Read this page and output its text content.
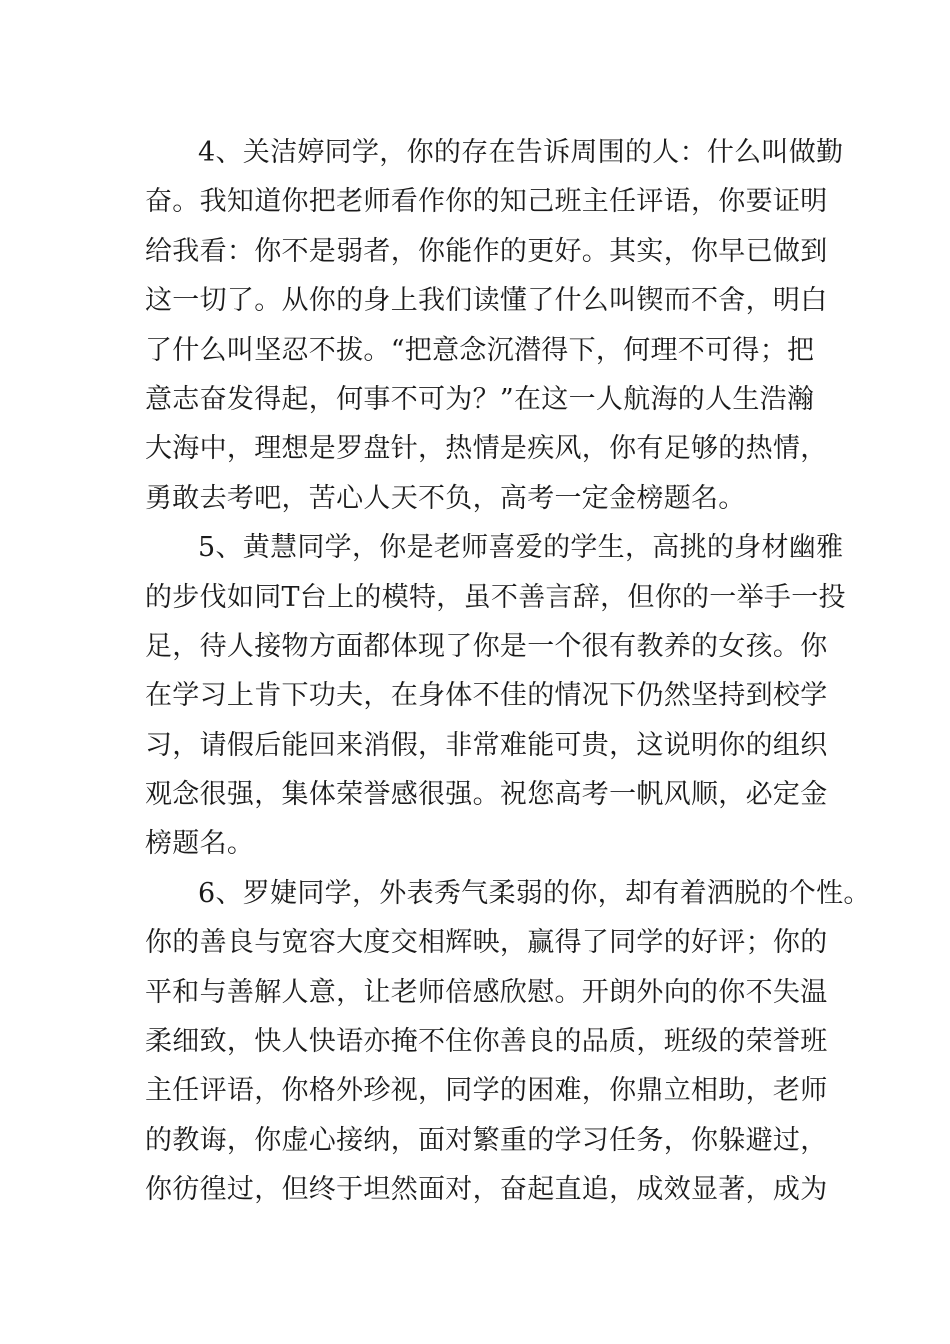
4、关洁婷同学，你的存在告诉周围的人：什么叫做勤
奋。我知道你把老师看作你的知己班主任评语，你要证明
给我看：你不是弱者，你能作的更好。其实，你早已做到
这一切了。从你的身上我们读懂了什么叫锲而不舍，明白
了什么叫坚忍不拔。“把意念沉潜得下，何理不可得；把
意志奋发得起，何事不可为？”在这一人航海的人生浩瀚
大海中，理想是罗盘针，热情是疾风，你有足够的热情，
勇敢去考吧，苦心人天不负，高考一定金榜题名。

5、黄慧同学，你是老师喜爱的学生，高挑的身材幽雅
的步伐如同T台上的模特，虽不善言辞，但你的一举手一投
足，待人接物方面都体现了你是一个很有教养的女孩。你
在学习上肯下功夫，在身体不佳的情况下仍然坚持到校学
习，请假后能回来消假，非常难能可贵，这说明你的组织
观念很强，集体荣誉感很强。祝您高考一帆风顺，必定金
榜题名。

6、罗婕同学，外表秀气柔弱的你，却有着洒脱的个性。
你的善良与宽容大度交相辉映，赢得了同学的好评；你的
平和与善解人意，让老师倍感欣慰。开朗外向的你不失温
柔细致，快人快语亦掩不住你善良的品质，班级的荣誉班
主任评语，你格外珍视，同学的困难，你鼎立相助，老师
的教诲，你虚心接纳，面对繁重的学习任务，你躲避过，
你彷徨过，但终于坦然面对，奋起直追，成效显著，成为
